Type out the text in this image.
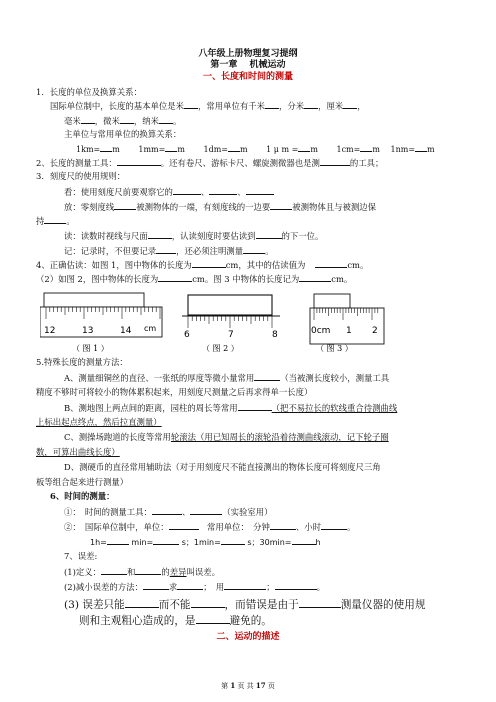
八年级上册物理复习提纲
第一章　 机械运动
一、长度和时间的测量
1．长度的单位及换算关系：
国际单位制中，长度的基本单位是米 ，常用单位有千米 ，分米 ，厘米 ，
毫米 ，微米 ，纳米 。
主单位与常用单位的换算关系：
1km= m 1mm= m 1dm= m 1 μ m = m 1cm= m 1nm= m
2、长度的测量工具：	。还有卷尺、游标卡尺、螺旋测微器也是测	的工具；
3．刻度尺的使用规则：
看：使用刻度尺前要观察它的	、	、
放：零刻度线	被测物体的一端，有刻度线的一边要	被测物体且与被测边保
持	。
读：读数时视线与尺面	，认读刻度时要估读到	的下一位。
记：记录时，不但要记录 ，还必须注明测量	。
4、正确估读：如图 1，图中物体的长度为	cm，其中的估读值为	cm。
（2）如图 2，图中物体的长度为	cm。图 3 中物体的长度记为	cm。
12	13	14 cm
（ 图 1 ）
6	7	8
（ 图 2 ）
0cm 1 2
（ 图 3 ）
5.特殊长度的测量方法：
A、测量细铜丝的直径、一张纸的厚度等微小量常用	（当被测长度较小，测量工具
精度不够时可将较小的物体累积起来，用刻度尺测量之后再求得单一长度）
B、测地图上两点间的距离，园柱的周长等常用	（把不易拉长的软线重合待测曲线
上标出起点终点，然后拉直测量）
C、测操场跑道的长度等常用轮滚法（用已知周长的滚轮沿着待测曲线滚动，记下轮子圈
数，可算出曲线长度）
D、测硬币的直径常用辅助法（对于用刻度尺不能直接测出的物体长度可将刻度尺三角
板等组合起来进行测量）
6、时间的测量：
①：　时间的测量工具：	、	（实验室用）
②：　国际单位制中，单位：	　常用单位：　分钟	、小时	。
1h=	min=	s；1min=	s；30min=	h
7、误差:
(1)定义：	和	的差异叫误差。
(2)减小误差的方法：	求	；　用	；	。
(3) 误差只能	而不能	，而错误是由于	测量仪器的使用规
则和主观粗心造成的，是	避免的。
二、运动的描述
第 1 页 共 17 页
